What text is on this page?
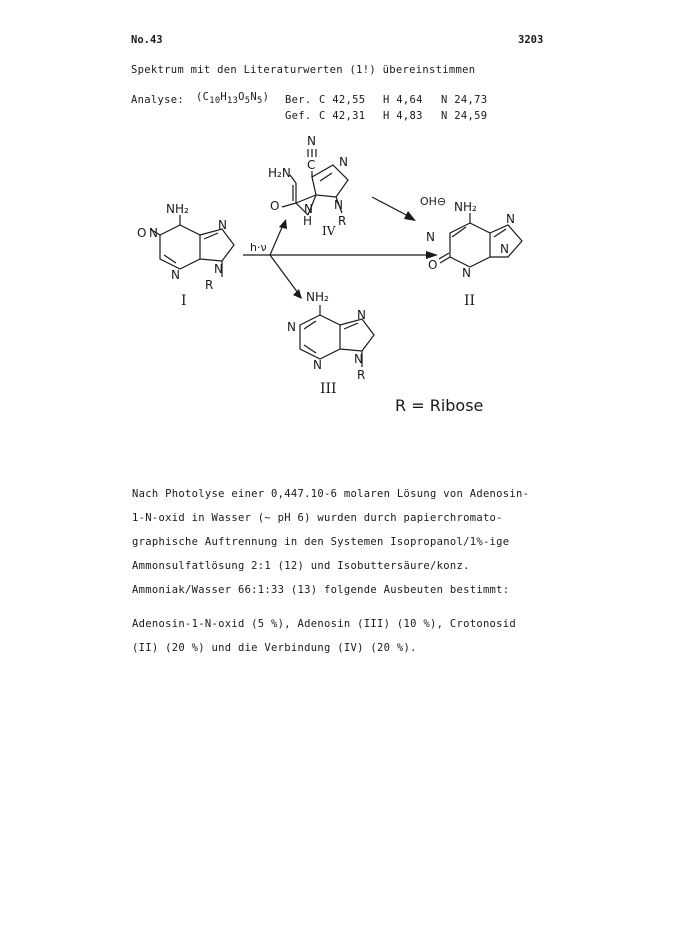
No.43	3203
Spektrum mit den Literaturwerten (1!) übereinstimmen
Analyse: $(C_{10}H_{13}O_5N_5)$ Ber. C 42,55 H 4,64 N 24,73
Gef. C 42,31 H 4,83 N 24,59
N
C N
H₂N
O N
H
N
R
NH₂
O N
N
N	N
R
NH₂
N
N
N
O
N
NH₂
N
N
N	N
R
I	II
III
IV
h·ν
OH⊖
R = Ribose
Nach Photolyse einer 0,447.10-6 molaren Lösung von Adenosin-
1-N-oxid in Wasser (~ pH 6) wurden durch papierchromato-
graphische Auftrennung in den Systemen Isopropanol/1%-ige
Ammonsulfatlösung 2:1 (12) und Isobuttersäure/konz.
Ammoniak/Wasser 66:1:33 (13) folgende Ausbeuten bestimmt:
Adenosin-1-N-oxid (5 %), Adenosin (III) (10 %), Crotonosid
(II) (20 %) und die Verbindung (IV) (20 %).
